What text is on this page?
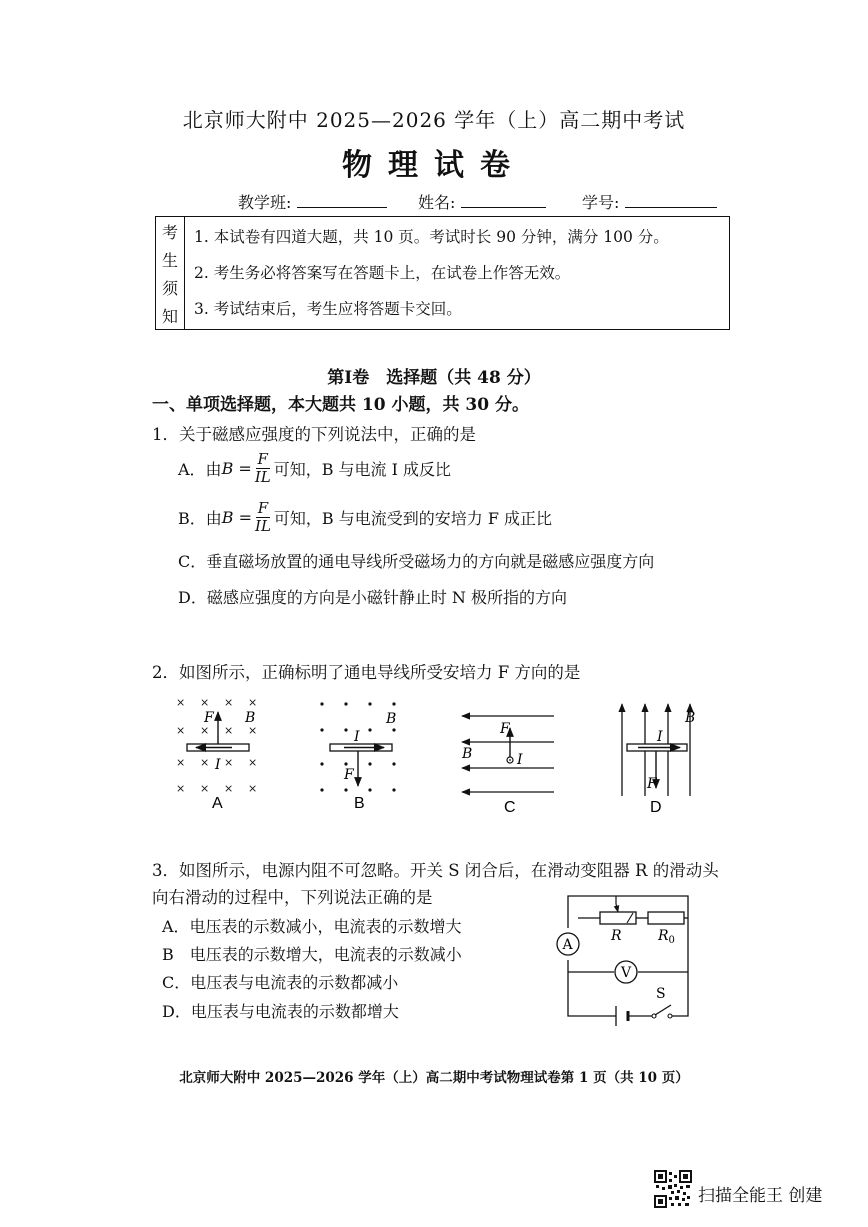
北京师大附中 2025—2026 学年（上）高二期中考试
物理试卷
教学班:	姓名:	学号:
考
生
须
知
1. 本试卷有四道大题，共 10 页。考试时长 90 分钟，满分 100 分。
2. 考生务必将答案写在答题卡上，在试卷上作答无效。
3. 考试结束后，考生应将答题卡交回。
第I卷　选择题（共 48 分）
一、单项选择题，本大题共 10 小题，共 30 分。
1．关于磁感应强度的下列说法中，正确的是
A．由 $B = \frac{F}{IL}$ 可知，B 与电流 I 成反比
B．由 $B = \frac{F}{IL}$ 可知，B 与电流受到的安培力 F 成正比
C．垂直磁场放置的通电导线所受磁场力的方向就是磁感应强度方向
D．磁感应强度的方向是小磁针静止时 N 极所指的方向
2．如图所示，正确标明了通电导线所受安培力 F 方向的是
× × × ×
× × × ×
× × × ×
× × × ×
F B
I
A
I
F
B
B
F
I
B
C
I
F
B
D
3．如图所示，电源内阻不可忽略。开关 S 闭合后，在滑动变阻器 R 的滑动头
向右滑动的过程中，下列说法正确的是
A．电压表的示数减小，电流表的示数增大
B　电压表的示数增大，电流表的示数减小
C．电压表与电流表的示数都减小
D．电压表与电流表的示数都增大
A
V
R	$R_0$
S
北京师大附中 2025—2026 学年（上）高二期中考试物理试卷第 1 页（共 10 页）
扫描全能王 创建
